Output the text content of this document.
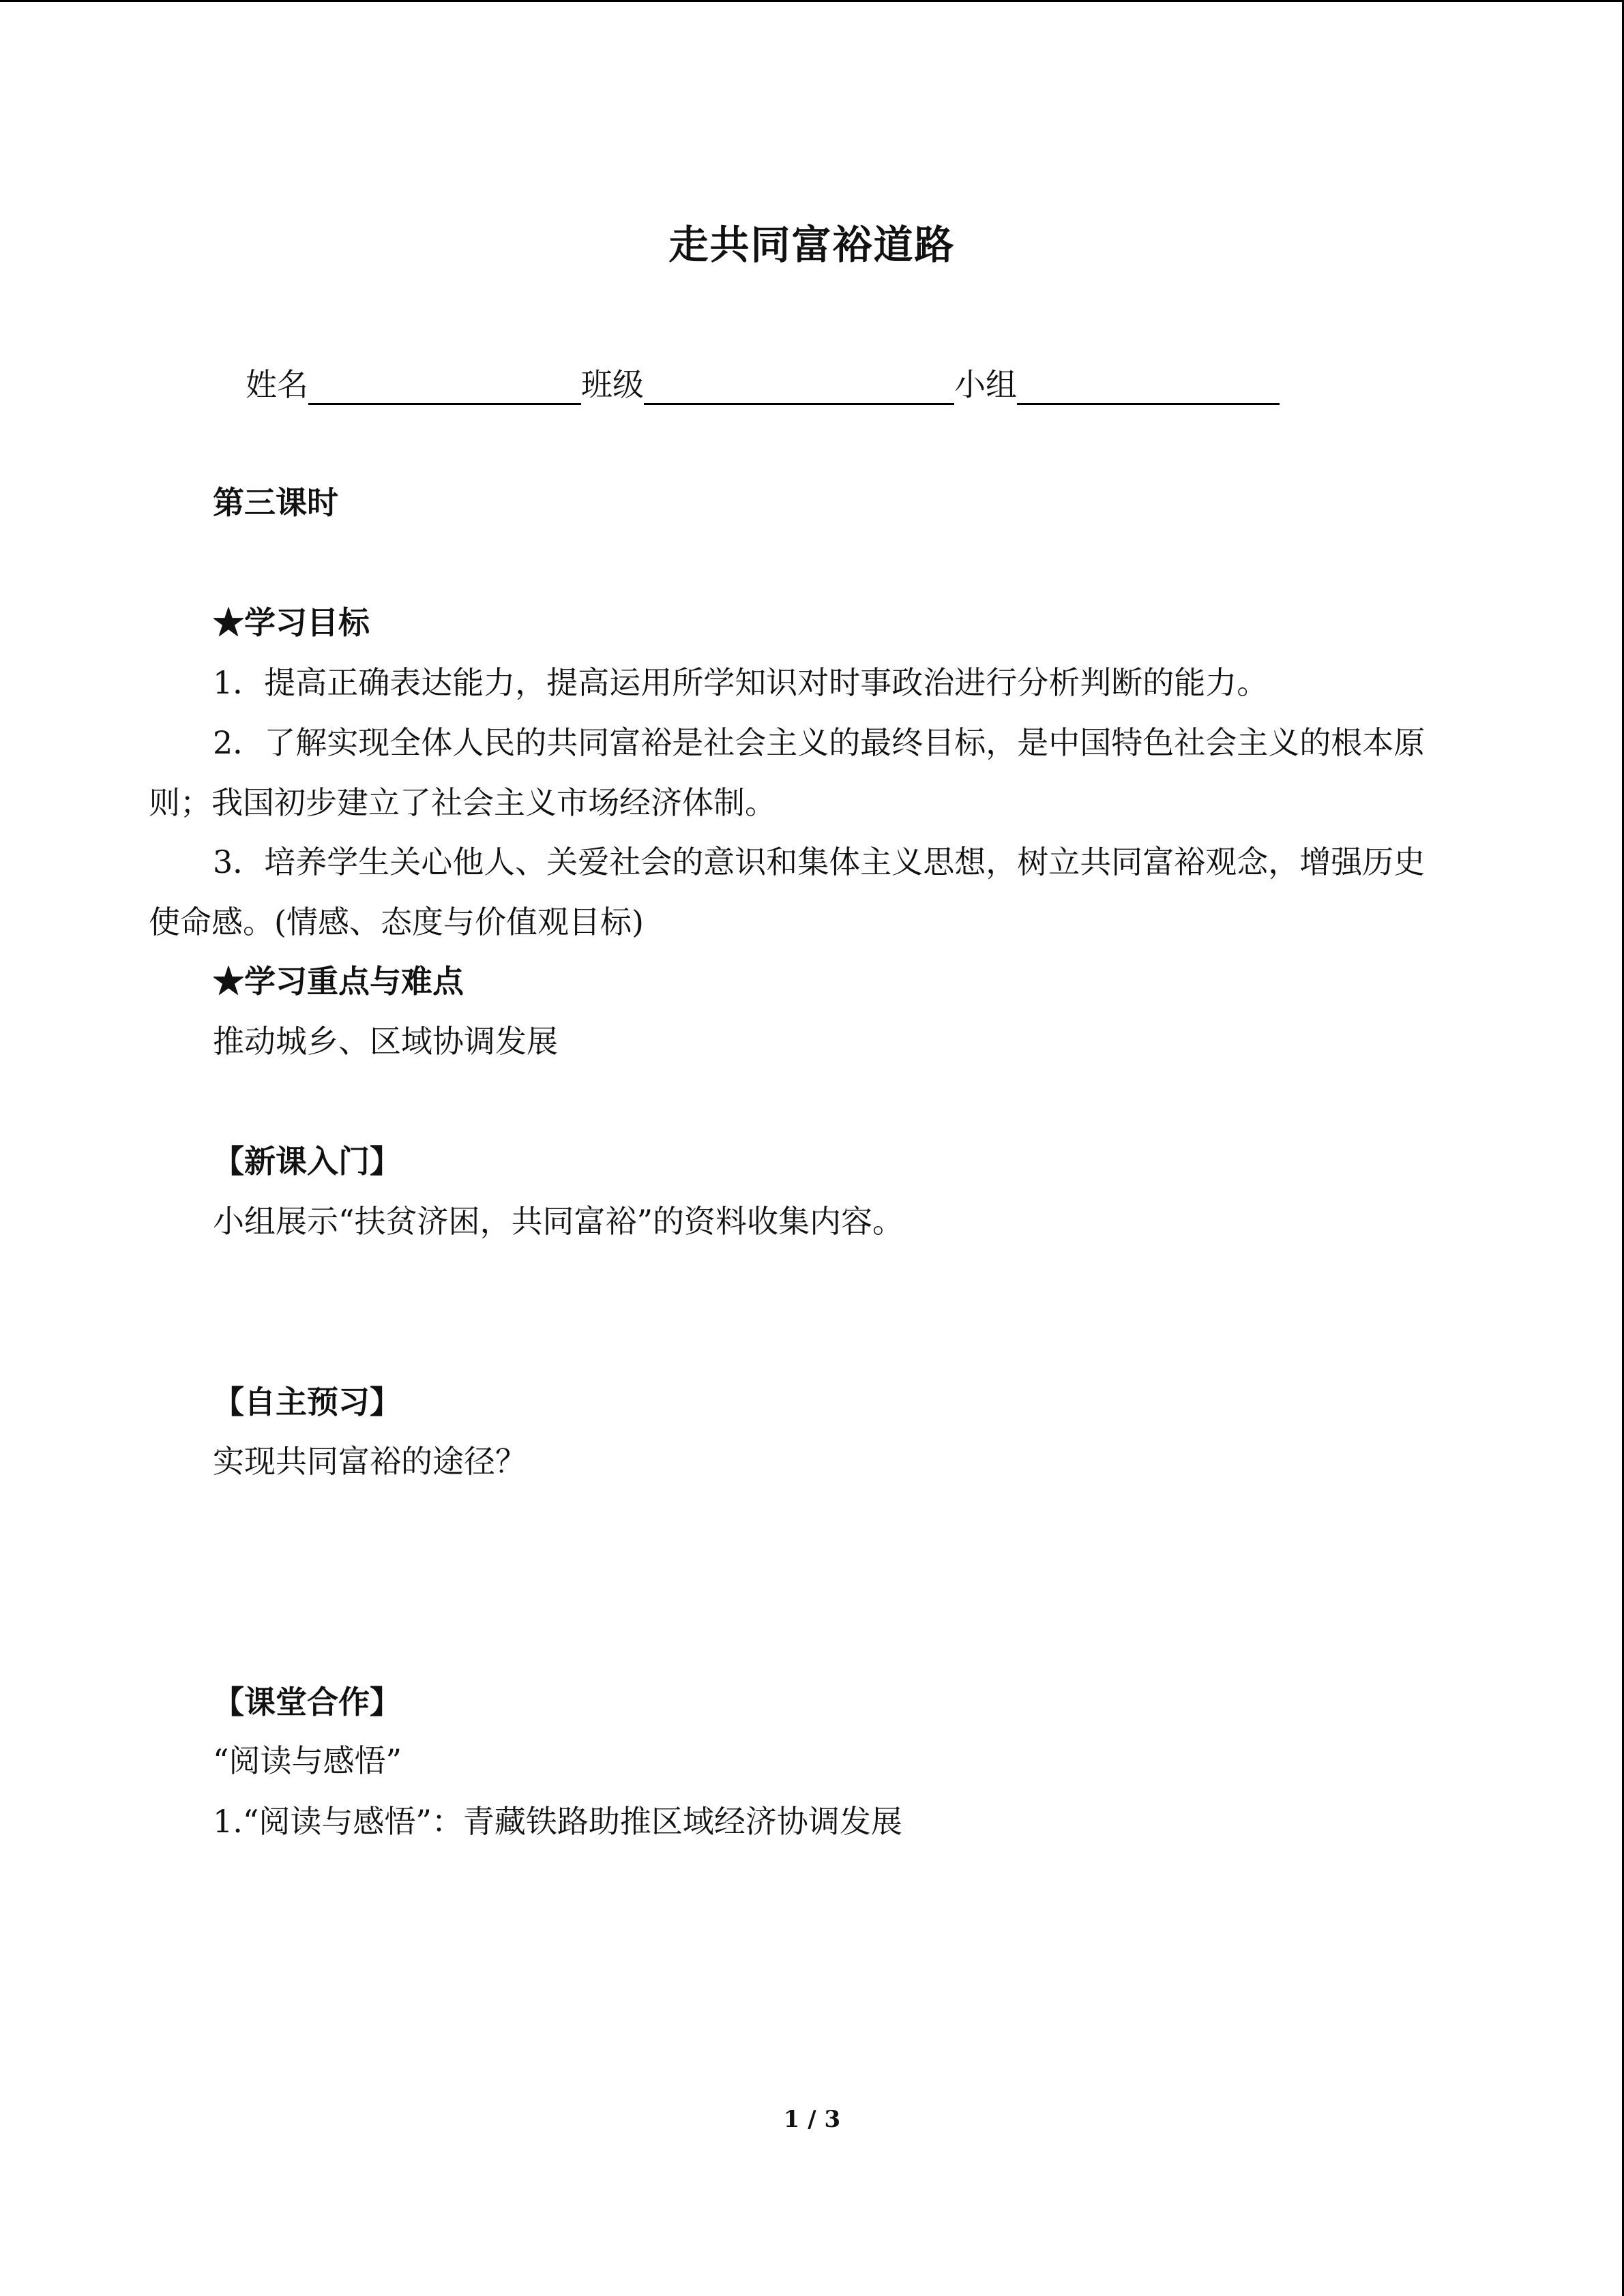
走共同富裕道路
姓名	班级	小组
第三课时
★学习目标
1．提高正确表达能力，提高运用所学知识对时事政治进行分析判断的能力。
2．了解实现全体人民的共同富裕是社会主义的最终目标，是中国特色社会主义的根本原
则；我国初步建立了社会主义市场经济体制。
3．培养学生关心他人、关爱社会的意识和集体主义思想，树立共同富裕观念，增强历史
使命感。(情感、态度与价值观目标)
★学习重点与难点
推动城乡、区域协调发展
【新课入门】
小组展示“扶贫济困，共同富裕”的资料收集内容。
【自主预习】
实现共同富裕的途径？
【课堂合作】
“阅读与感悟”
1.“阅读与感悟”：青藏铁路助推区域经济协调发展
1 / 3
